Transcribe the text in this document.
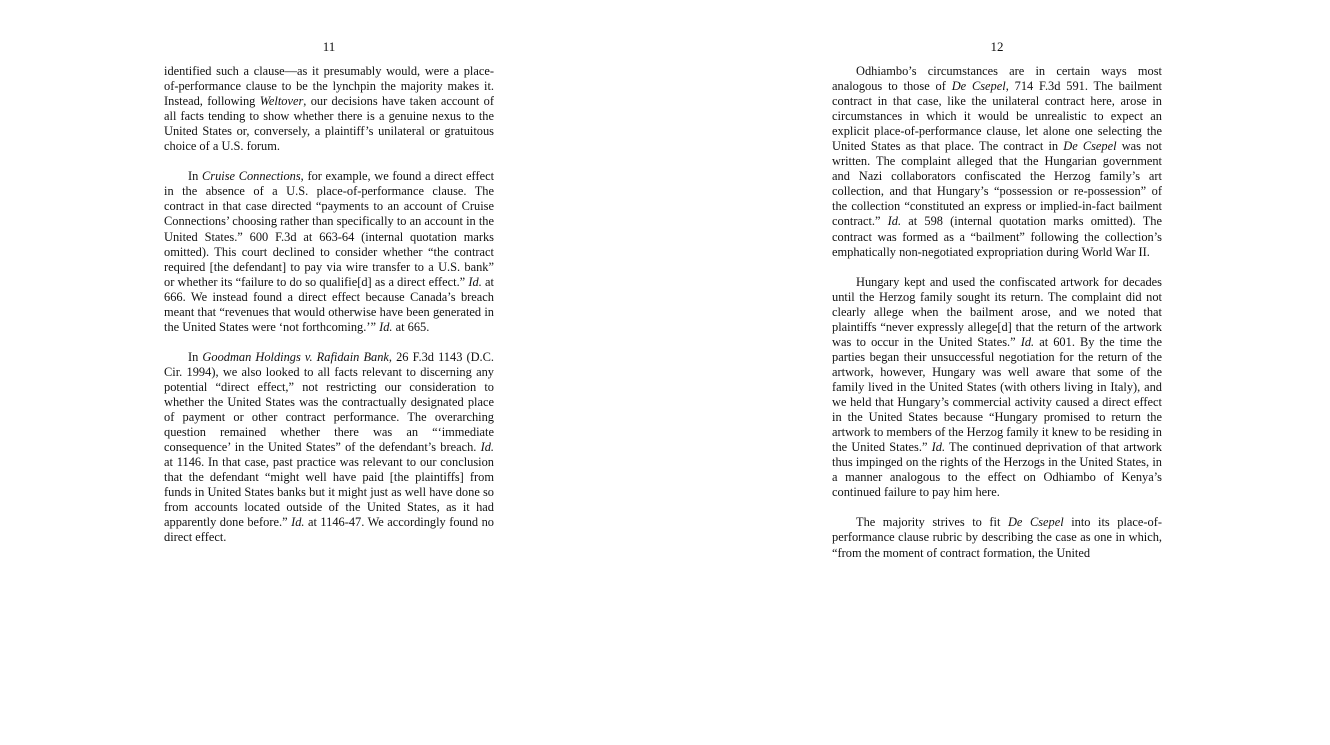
11

identified such a clause—as it presumably would, were a place-of-performance clause to be the lynchpin the majority makes it. Instead, following Weltover, our decisions have taken account of all facts tending to show whether there is a genuine nexus to the United States or, conversely, a plaintiff’s unilateral or gratuitous choice of a U.S. forum.

In Cruise Connections, for example, we found a direct effect in the absence of a U.S. place-of-performance clause. The contract in that case directed “payments to an account of Cruise Connections’ choosing rather than specifically to an account in the United States.” 600 F.3d at 663-64 (internal quotation marks omitted). This court declined to consider whether “the contract required [the defendant] to pay via wire transfer to a U.S. bank” or whether its “failure to do so qualifie[d] as a direct effect.” Id. at 666. We instead found a direct effect because Canada’s breach meant that “revenues that would otherwise have been generated in the United States were ‘not forthcoming.’” Id. at 665.

In Goodman Holdings v. Rafidain Bank, 26 F.3d 1143 (D.C. Cir. 1994), we also looked to all facts relevant to discerning any potential “direct effect,” not restricting our consideration to whether the United States was the contractually designated place of payment or other contract performance. The overarching question remained whether there was an “‘immediate consequence’ in the United States” of the defendant’s breach. Id. at 1146. In that case, past practice was relevant to our conclusion that the defendant “might well have paid [the plaintiffs] from funds in United States banks but it might just as well have done so from accounts located outside of the United States, as it had apparently done before.” Id. at 1146-47. We accordingly found no direct effect.

12

Odhiambo’s circumstances are in certain ways most analogous to those of De Csepel, 714 F.3d 591. The bailment contract in that case, like the unilateral contract here, arose in circumstances in which it would be unrealistic to expect an explicit place-of-performance clause, let alone one selecting the United States as that place. The contract in De Csepel was not written. The complaint alleged that the Hungarian government and Nazi collaborators confiscated the Herzog family’s art collection, and that Hungary’s “possession or re-possession” of the collection “constituted an express or implied-in-fact bailment contract.” Id. at 598 (internal quotation marks omitted). The contract was formed as a “bailment” following the collection’s emphatically non-negotiated expropriation during World War II.

Hungary kept and used the confiscated artwork for decades until the Herzog family sought its return. The complaint did not clearly allege when the bailment arose, and we noted that plaintiffs “never expressly allege[d] that the return of the artwork was to occur in the United States.” Id. at 601. By the time the parties began their unsuccessful negotiation for the return of the artwork, however, Hungary was well aware that some of the family lived in the United States (with others living in Italy), and we held that Hungary’s commercial activity caused a direct effect in the United States because “Hungary promised to return the artwork to members of the Herzog family it knew to be residing in the United States.” Id. The continued deprivation of that artwork thus impinged on the rights of the Herzogs in the United States, in a manner analogous to the effect on Odhiambo of Kenya’s continued failure to pay him here.

The majority strives to fit De Csepel into its place-of-performance clause rubric by describing the case as one in which, “from the moment of contract formation, the United
